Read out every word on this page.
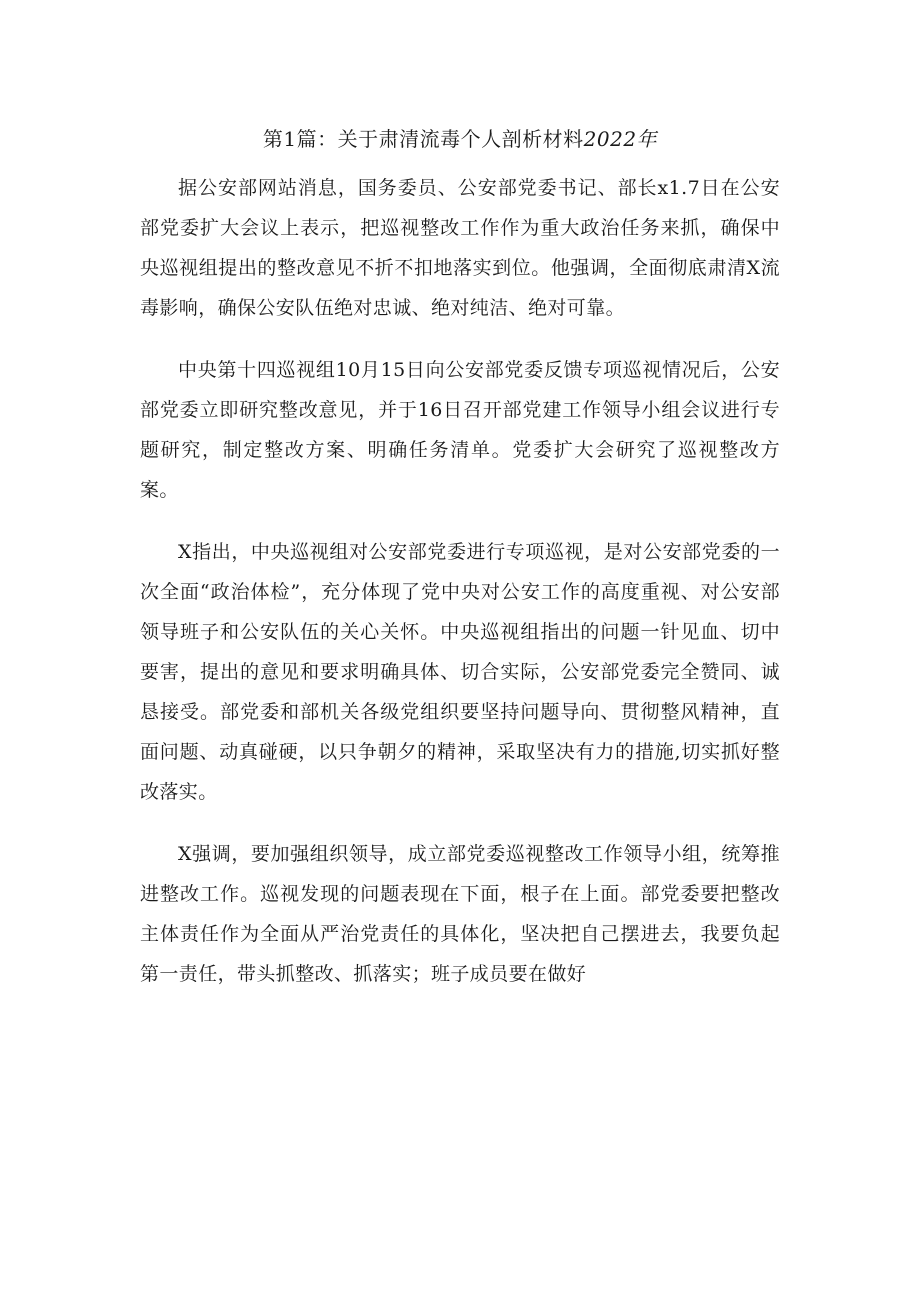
第1篇：关于肃清流毒个人剖析材料2022年

据公安部网站消息，国务委员、公安部党委书记、部长x1.7日在公安部党委扩大会议上表示，把巡视整改工作作为重大政治任务来抓，确保中央巡视组提出的整改意见不折不扣地落实到位。他强调，全面彻底肃清X流毒影响，确保公安队伍绝对忠诚、绝对纯洁、绝对可靠。

中央第十四巡视组10月15日向公安部党委反馈专项巡视情况后，公安部党委立即研究整改意见，并于16日召开部党建工作领导小组会议进行专题研究，制定整改方案、明确任务清单。党委扩大会研究了巡视整改方案。

X指出，中央巡视组对公安部党委进行专项巡视，是对公安部党委的一次全面“政治体检”，充分体现了党中央对公安工作的高度重视、对公安部领导班子和公安队伍的关心关怀。中央巡视组指出的问题一针见血、切中要害，提出的意见和要求明确具体、切合实际，公安部党委完全赞同、诚恳接受。部党委和部机关各级党组织要坚持问题导向、贯彻整风精神，直面问题、动真碰硬，以只争朝夕的精神，采取坚决有力的措施,切实抓好整改落实。

X强调，要加强组织领导，成立部党委巡视整改工作领导小组，统筹推进整改工作。巡视发现的问题表现在下面，根子在上面。部党委要把整改主体责任作为全面从严治党责任的具体化，坚决把自己摆进去，我要负起第一责任，带头抓整改、抓落实；班子成员要在做好
